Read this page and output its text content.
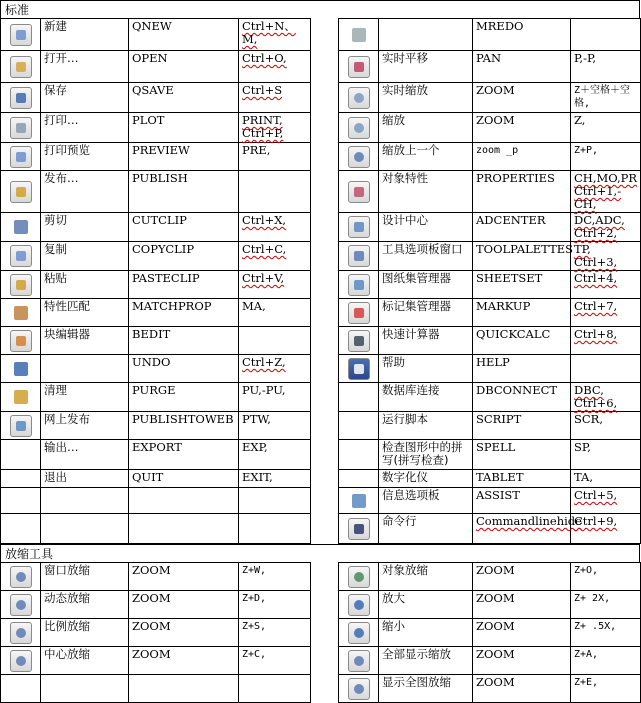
标准
	新建	QNEW	Ctrl+N、M,				MREDO	
	打开…	OPEN	Ctrl+O,			实时平移	PAN	P,-P,
	保存	QSAVE	Ctrl+S			实时缩放	ZOOM	Z＋空格＋空格,
	打印…	PLOT	PRINT, Ctrl+P,			缩放	ZOOM	Z,
	打印预览	PREVIEW	PRE,			缩放上一个	zoom _p	Z+P,
	发布…	PUBLISH				对象特性	PROPERTIES	CH,MO,PR Ctrl+1,-CH,
	剪切	CUTCLIP	Ctrl+X,			设计中心	ADCENTER	DC,ADC, Ctrl+2,
	复制	COPYCLIP	Ctrl+C,			工具选项板窗口	TOOLPALETTES	TP, Ctrl+3,
	粘贴	PASTECLIP	Ctrl+V,			图纸集管理器	SHEETSET	Ctrl+4,
	特性匹配	MATCHPROP	MA,			标记集管理器	MARKUP	Ctrl+7,
	块编辑器	BEDIT				快速计算器	QUICKCALC	Ctrl+8,
		UNDO	Ctrl+Z,			帮助	HELP	
	清理	PURGE	PU,-PU,			数据库连接	DBCONNECT	DBC, Ctrl+6,
	网上发布	PUBLISHTOWEB	PTW,			运行脚本	SCRIPT	SCR,
	输出…	EXPORT	EXP,			检查图形中的拼写(拼写检查)	SPELL	SP,
	退出	QUIT	EXIT,			数字化仪	TABLET	TA,
						信息选项板	ASSIST	Ctrl+5,
						命令行	Commandlinehide	Ctrl+9,
放缩工具
	窗口放缩	ZOOM	Z+W,			对象放缩	ZOOM	Z+O,
	动态放缩	ZOOM	Z+D,			放大	ZOOM	Z+ 2X,
	比例放缩	ZOOM	Z+S,			缩小	ZOOM	Z+ .5X,
	中心放缩	ZOOM	Z+C,			全部显示缩放	ZOOM	Z+A,
						显示全图放缩	ZOOM	Z+E,
